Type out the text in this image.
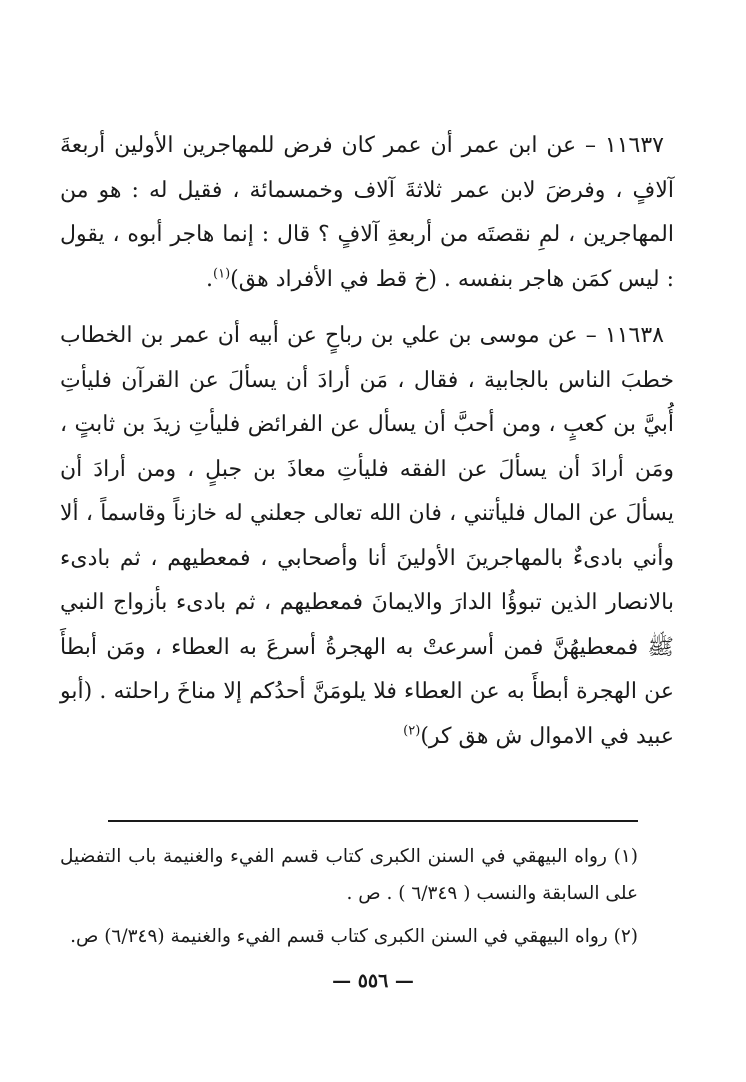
١١٦٣٧ – عن ابن عمر أن عمر كان فرض للمهاجرين الأولين أربعةَ آلافٍ ، وفرضَ لابن عمر ثلاثةَ آلاف وخمسمائة ، فقيل له : هو من المهاجرين ، لمِ نقصتَه من أربعةِ آلافٍ ؟ قال : إنما هاجر أبوه ، يقول : ليس كمَن هاجر بنفسه . (خ قط في الأفراد هق)$^{(١)}$.

١١٦٣٨ – عن موسى بن علي بن رباحٍ عن أبيه أن عمر بن الخطاب خطبَ الناس بالجابية ، فقال ، مَن أرادَ أن يسألَ عن القرآن فليأتِ أُبيَّ بن كعبٍ ، ومن أحبَّ أن يسأل عن الفرائض فليأتِ زيدَ بن ثابتٍ ، ومَن أرادَ أن يسألَ عن الفقه فليأتِ معاذَ بن جبلٍ ، ومن أرادَ أن يسألَ عن المال فليأتني ، فان الله تعالى جعلني له خازناً وقاسماً ، ألا وأني بادىءٌ بالمهاجرينَ الأولينَ أنا وأصحابي ، فمعطيهم ، ثم بادىء بالانصار الذين تبوؤُا الدارَ والايمانَ فمعطيهم ، ثم بادىء بأزواج النبي ﷺ فمعطيهُنَّ فمن أسرعتْ به الهجرةُ أسرعَ به العطاء ، ومَن أبطأَ عن الهجرة أبطأَ به عن العطاء فلا يلومَنَّ أحدُكم إلا مناخَ راحلته . (أبو عبيد في الاموال ش هق كر)$^{(٢)}$

(١) رواه البيهقي في السنن الكبرى كتاب قسم الفيء والغنيمة باب التفضيل على السابقة والنسب ( ٦/٣٤٩ ) . ص .

(٢) رواه البيهقي في السنن الكبرى كتاب قسم الفيء والغنيمة (٦/٣٤٩) ص.

— ٥٥٦ —
